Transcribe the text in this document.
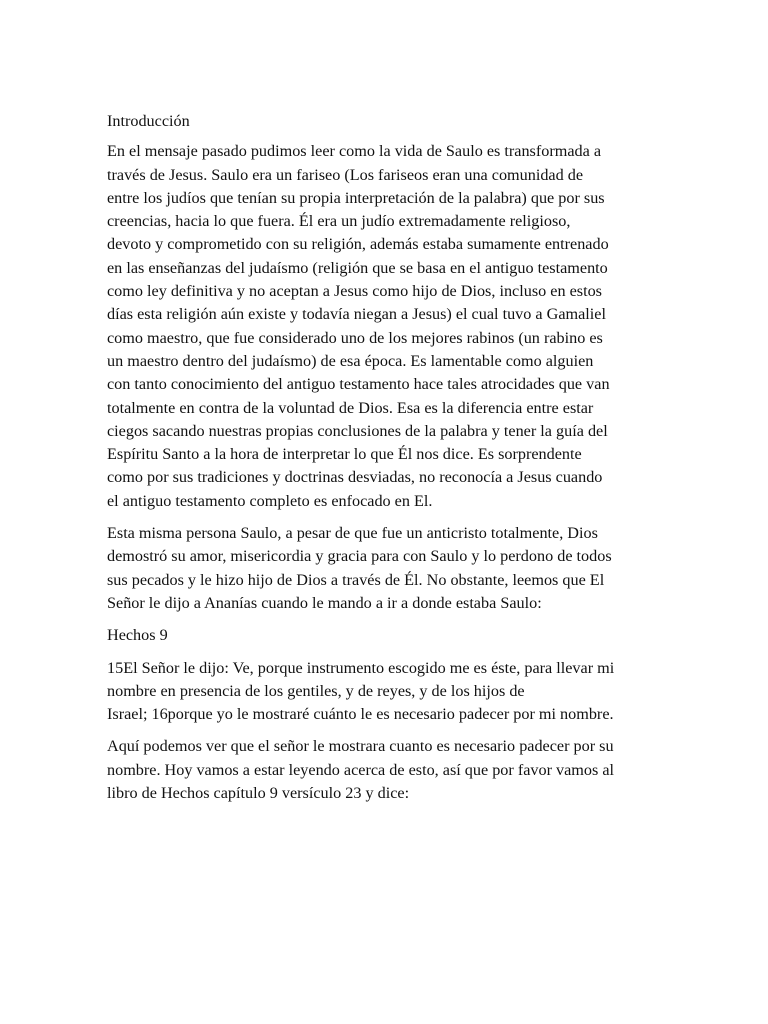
Introducción

En el mensaje pasado pudimos leer como la vida de Saulo es transformada a
través de Jesus. Saulo era un fariseo (Los fariseos eran una comunidad de
entre los judíos que tenían su propia interpretación de la palabra) que por sus
creencias, hacia lo que fuera. Él era un judío extremadamente religioso,
devoto y comprometido con su religión, además estaba sumamente entrenado
en las enseñanzas del judaísmo (religión que se basa en el antiguo testamento
como ley definitiva y no aceptan a Jesus como hijo de Dios, incluso en estos
días esta religión aún existe y todavía niegan a Jesus) el cual tuvo a Gamaliel
como maestro, que fue considerado uno de los mejores rabinos (un rabino es
un maestro dentro del judaísmo) de esa época. Es lamentable como alguien
con tanto conocimiento del antiguo testamento hace tales atrocidades que van
totalmente en contra de la voluntad de Dios. Esa es la diferencia entre estar
ciegos sacando nuestras propias conclusiones de la palabra y tener la guía del
Espíritu Santo a la hora de interpretar lo que Él nos dice. Es sorprendente
como por sus tradiciones y doctrinas desviadas, no reconocía a Jesus cuando
el antiguo testamento completo es enfocado en El.

Esta misma persona Saulo, a pesar de que fue un anticristo totalmente, Dios
demostró su amor, misericordia y gracia para con Saulo y lo perdono de todos
sus pecados y le hizo hijo de Dios a través de Él. No obstante, leemos que El
Señor le dijo a Ananías cuando le mando a ir a donde estaba Saulo:

Hechos 9

15El Señor le dijo: Ve, porque instrumento escogido me es éste, para llevar mi
nombre en presencia de los gentiles, y de reyes, y de los hijos de
Israel; 16porque yo le mostraré cuánto le es necesario padecer por mi nombre.

Aquí podemos ver que el señor le mostrara cuanto es necesario padecer por su
nombre. Hoy vamos a estar leyendo acerca de esto, así que por favor vamos al
libro de Hechos capítulo 9 versículo 23 y dice:
